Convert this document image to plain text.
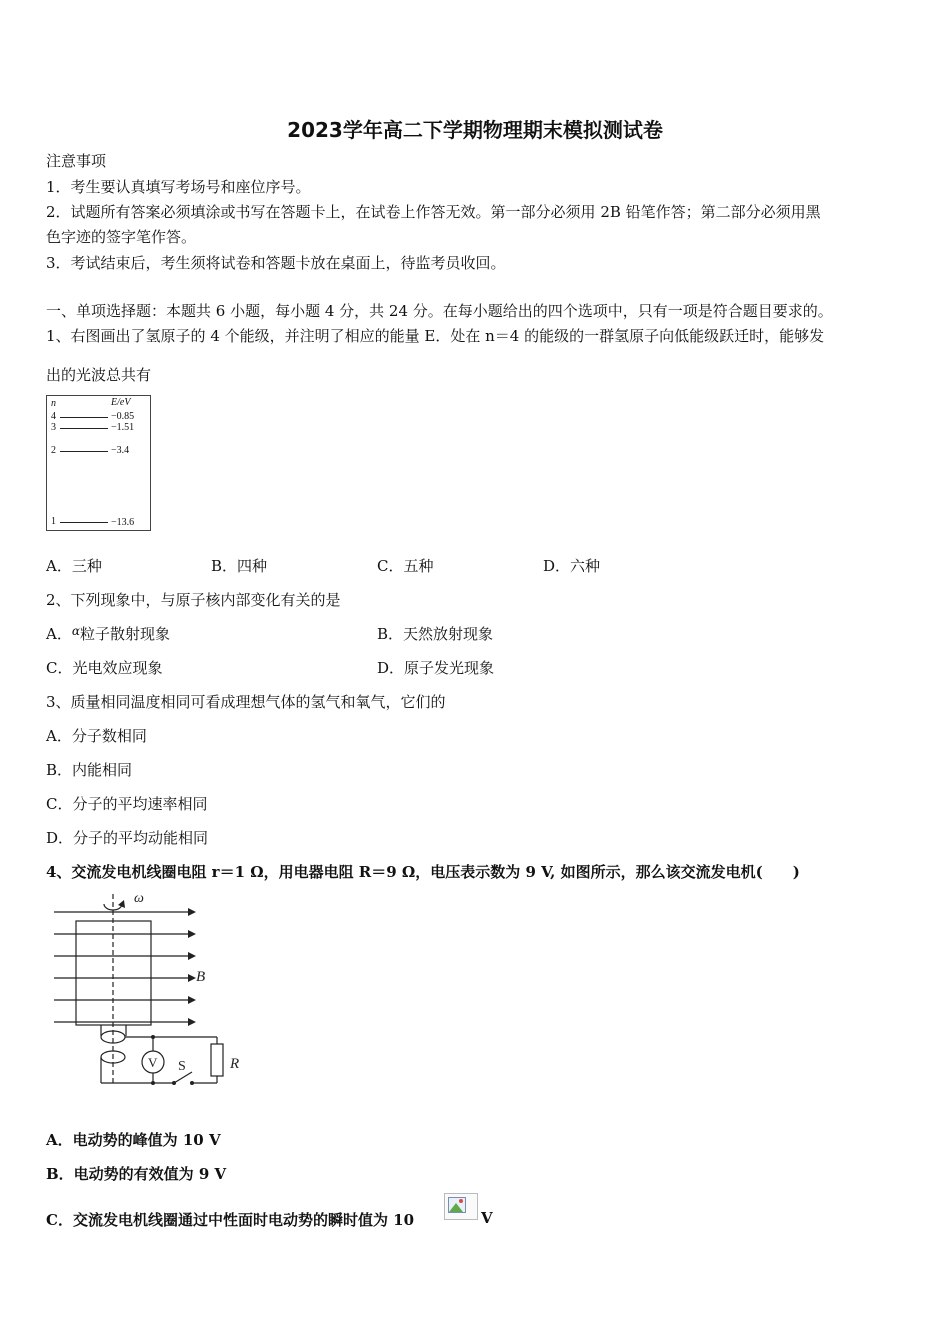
2023学年高二下学期物理期末模拟测试卷
注意事项
1．考生要认真填写考场号和座位序号。
2．试题所有答案必须填涂或书写在答题卡上，在试卷上作答无效。第一部分必须用 2B 铅笔作答；第二部分必须用黑
色字迹的签字笔作答。
3．考试结束后，考生须将试卷和答题卡放在桌面上，待监考员收回。
一、单项选择题：本题共 6 小题，每小题 4 分，共 24 分。在每小题给出的四个选项中，只有一项是符合题目要求的。
1、右图画出了氢原子的 4 个能级，并注明了相应的能量 E．处在 n＝4 的能级的一群氢原子向低能级跃迁时，能够发
出的光波总共有
n	E/eV
4	−0.85
3	−1.51
2	−3.4
1	−13.6
A．三种	B．四种	C．五种	D．六种
2、下列现象中，与原子核内部变化有关的是
A．$^\alpha$粒子散射现象	B．天然放射现象
C．光电效应现象	D．原子发光现象
3、质量相同温度相同可看成理想气体的氢气和氧气，它们的
A．分子数相同
B．内能相同
C．分子的平均速率相同
D．分子的平均动能相同
4、交流发电机线圈电阻 r＝1 Ω，用电器电阻 R＝9 Ω，电压表示数为 9 V, 如图所示，那么该交流发电机(　　)
ω
B
R
V S
A．电动势的峰值为 10 V
B．电动势的有效值为 9 V
C．交流发电机线圈通过中性面时电动势的瞬时值为 10	V
